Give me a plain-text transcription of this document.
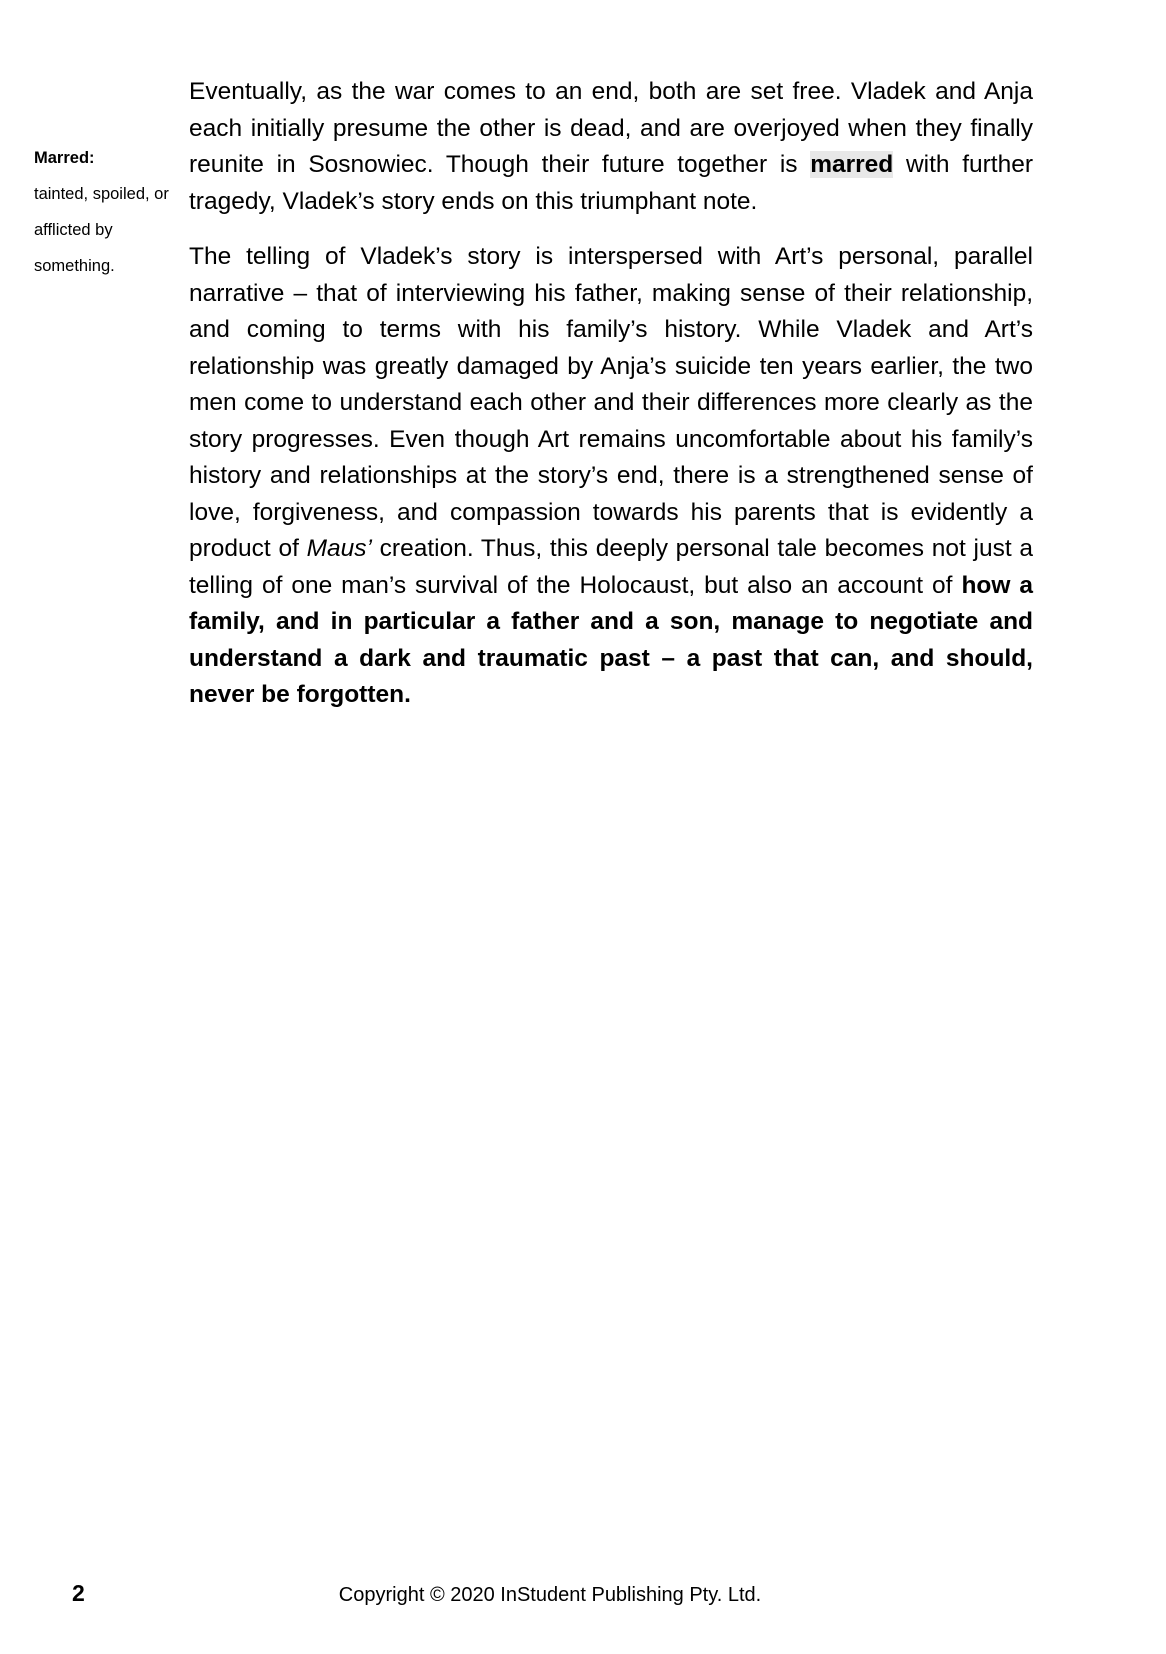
Marred:
tainted, spoiled, or afflicted by something.

Eventually, as the war comes to an end, both are set free. Vladek and Anja each initially presume the other is dead, and are overjoyed when they finally reunite in Sosnowiec. Though their future together is marred with further tragedy, Vladek’s story ends on this triumphant note.

The telling of Vladek’s story is interspersed with Art’s personal, parallel narrative – that of interviewing his father, making sense of their relationship, and coming to terms with his family’s history. While Vladek and Art’s relationship was greatly damaged by Anja’s suicide ten years earlier, the two men come to understand each other and their differences more clearly as the story progresses. Even though Art remains uncomfortable about his family’s history and relationships at the story’s end, there is a strengthened sense of love, forgiveness, and compassion towards his parents that is evidently a product of Maus’ creation. Thus, this deeply personal tale becomes not just a telling of one man’s survival of the Holocaust, but also an account of how a family, and in particular a father and a son, manage to negotiate and understand a dark and traumatic past – a past that can, and should, never be forgotten.

2	Copyright © 2020 InStudent Publishing Pty. Ltd.
